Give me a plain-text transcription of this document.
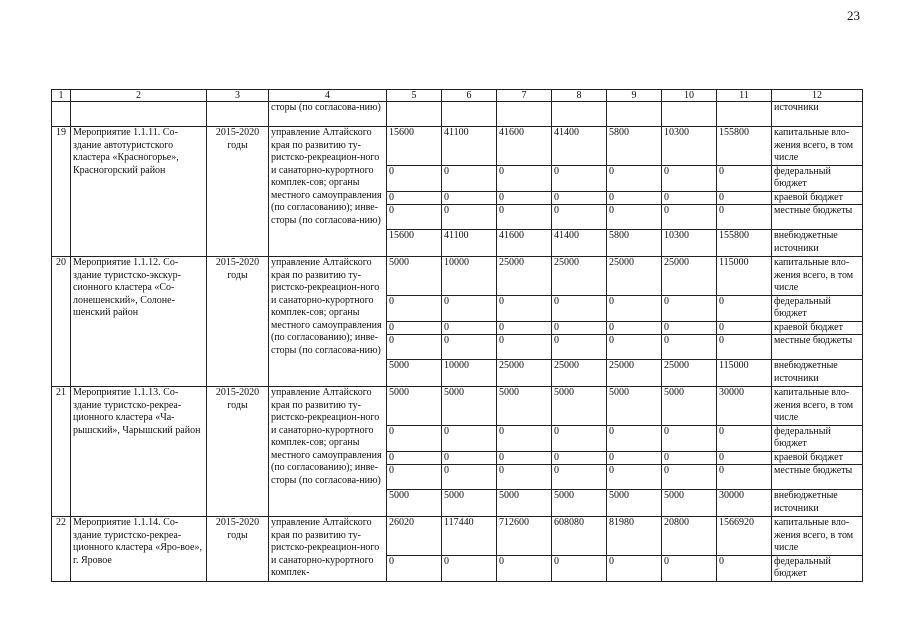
23
1	2	3	4	5	6	7	8	9	10	11	12
			сторы (по согласова-нию)								источники
19	Мероприятие 1.1.11. Со-здание автотуристского кластера «Красногорье», Красногорский район	2015-2020 годы	управление Алтайского края по развитию ту-ристско-рекреацион-ного и санаторно-курортного комплек-сов; органы местного самоуправления (по согласованию); инве-сторы (по согласова-нию)	15600	41100	41600	41400	5800	10300	155800	капитальные вло-жения всего, в том числе
				0	0	0	0	0	0	0	федеральный бюджет
				0	0	0	0	0	0	0	краевой бюджет
				0	0	0	0	0	0	0	местные бюджеты
				15600	41100	41600	41400	5800	10300	155800	внебюджетные источники
20	Мероприятие 1.1.12. Со-здание туристско-экскур-сионного кластера «Со-лонешенский», Солоне-шенский район	2015-2020 годы	управление Алтайского края по развитию ту-ристско-рекреацион-ного и санаторно-курортного комплек-сов; органы местного самоуправления (по согласованию); инве-сторы (по согласова-нию)	5000	10000	25000	25000	25000	25000	115000	капитальные вло-жения всего, в том числе
				0	0	0	0	0	0	0	федеральный бюджет
				0	0	0	0	0	0	0	краевой бюджет
				0	0	0	0	0	0	0	местные бюджеты
				5000	10000	25000	25000	25000	25000	115000	внебюджетные источники
21	Мероприятие 1.1.13. Со-здание туристско-рекреа-ционного кластера «Ча-рышский», Чарышский район	2015-2020 годы	управление Алтайского края по развитию ту-ристско-рекреацион-ного и санаторно-курортного комплек-сов; органы местного самоуправления (по согласованию); инве-сторы (по согласова-нию)	5000	5000	5000	5000	5000	5000	30000	капитальные вло-жения всего, в том числе
				0	0	0	0	0	0	0	федеральный бюджет
				0	0	0	0	0	0	0	краевой бюджет
				0	0	0	0	0	0	0	местные бюджеты
				5000	5000	5000	5000	5000	5000	30000	внебюджетные источники
22	Мероприятие 1.1.14. Со-здание туристско-рекреа-ционного кластера «Яро-вое», г. Яровое	2015-2020 годы	управление Алтайского края по развитию ту-ристско-рекреацион-ного и санаторно-курортного комплек-	26020	117440	712600	608080	81980	20800	1566920	капитальные вло-жения всего, в том числе
				0	0	0	0	0	0	0	федеральный бюджет
